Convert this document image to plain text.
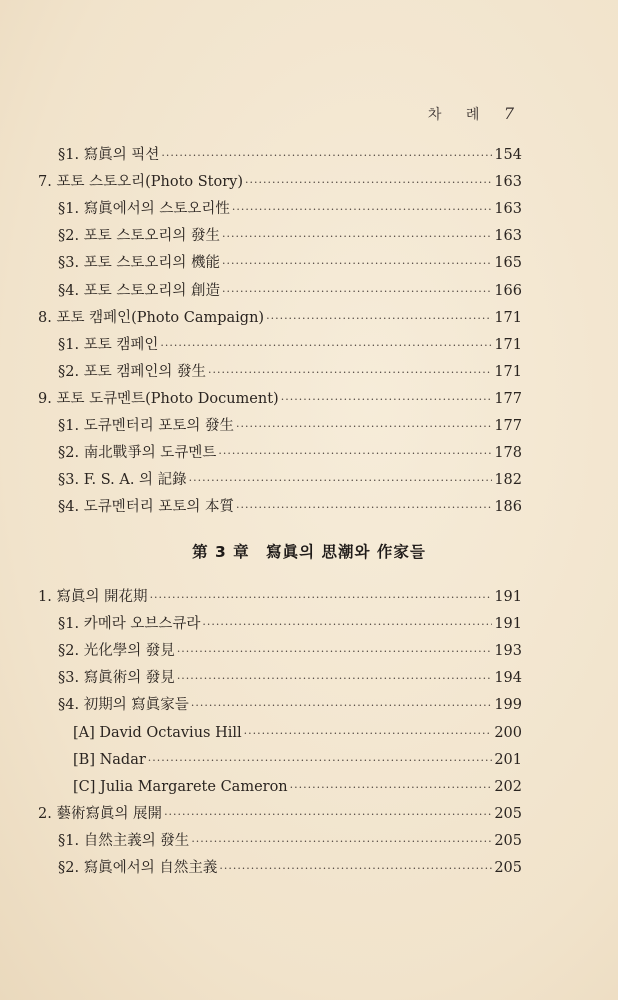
차 례 7
§1. 寫眞의 픽션 ·····	154
7. 포토 스토오리(Photo Story) ·····	163
§1. 寫眞에서의 스토오리性 ·····	163
§2. 포토 스토오리의 發生 ·····	163
§3. 포토 스토오리의 機能 ·····	165
§4. 포토 스토오리의 創造 ·····	166
8. 포토 캠페인(Photo Campaign) ·····	171
§1. 포토 캠페인 ·····	171
§2. 포토 캠페인의 發生 ·····	171
9. 포토 도큐멘트(Photo Document) ·····	177
§1. 도큐멘터리 포토의 發生 ·····	177
§2. 南北戰爭의 도큐멘트 ·····	178
§3. F. S. A. 의 記錄 ·····	182
§4. 도큐멘터리 포토의 本質 ·····	186
1. 寫眞의 開花期 ·····	191
§1. 카메라 오브스큐라 ·····	191
§2. 光化學의 發見 ·····	193
§3. 寫眞術의 發見 ·····	194
§4. 初期의 寫眞家들 ·····	199
[A] David Octavius Hill ·····	200
[B] Nadar ·····	201
[C] Julia Margarete Cameron ·····	202
2. 藝術寫眞의 展開 ·····	205
§1. 自然主義의 發生 ·····	205
§2. 寫眞에서의 自然主義 ·····	205
第 3 章　寫眞의 思潮와 作家들
